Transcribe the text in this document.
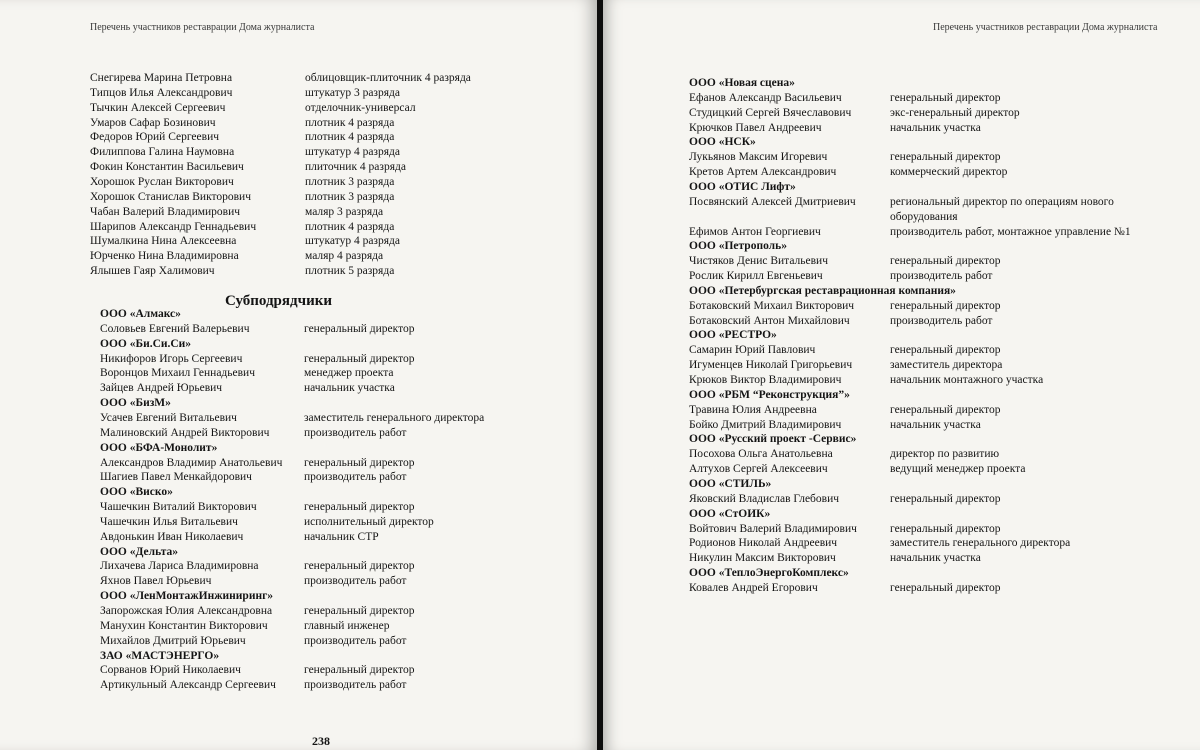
Перечень участников реставрации Дома журналиста
Снегирева Марина Петровна	облицовщик-плиточник 4 разряда
Типцов Илья Александрович	штукатур 3 разряда
Тычкин Алексей Сергеевич	отделочник-универсал
Умаров Сафар Бозинович	плотник 4 разряда
Федоров Юрий Сергеевич	плотник 4 разряда
Филиппова Галина Наумовна	штукатур 4 разряда
Фокин Константин Васильевич	плиточник 4 разряда
Хорошок Руслан Викторович	плотник 3 разряда
Хорошок Станислав Викторович	плотник 3 разряда
Чабан Валерий Владимирович	маляр 3 разряда
Шарипов Александр Геннадьевич	плотник 4 разряда
Шумалкина Нина Алексеевна	штукатур 4 разряда
Юрченко Нина Владимировна	маляр 4 разряда
Ялышев Гаяр Халимович	плотник 5 разряда
Субподрядчики
ООО «Алмакс»
Соловьев Евгений Валерьевич	генеральный директор
ООО «Би.Си.Си»
Никифоров Игорь Сергеевич	генеральный директор
Воронцов Михаил Геннадьевич	менеджер проекта
Зайцев Андрей Юрьевич	начальник участка
ООО «БизМ»
Усачев Евгений Витальевич	заместитель генерального директора
Малиновский Андрей Викторович	производитель работ
ООО «БФА-Монолит»
Александров Владимир Анатольевич генеральный директор
Шагиев Павел Менкайдорович	производитель работ
ООО «Виско»
Чашечкин Виталий Викторович	генеральный директор
Чашечкин Илья Витальевич	исполнительный директор
Авдонькин Иван Николаевич	начальник СТР
ООО «Дельта»
Лихачева Лариса Владимировна	генеральный директор
Яхнов Павел Юрьевич	производитель работ
ООО «ЛенМонтажИнжиниринг»
Запорожская Юлия Александровна	генеральный директор
Манухин Константин Викторович	главный инженер
Михайлов Дмитрий Юрьевич	производитель работ
ЗАО «МАСТЭНЕРГО»
Сорванов Юрий Николаевич	генеральный директор
Артикульный Александр Сергеевич производитель работ
238
Перечень участников реставрации Дома журналиста
ООО «Новая сцена»
Ефанов Александр Васильевич	генеральный директор
Студицкий Сергей Вячеславович	экс-генеральный директор
Крючков Павел Андреевич	начальник участка
ООО «НСК»
Лукьянов Максим Игоревич	генеральный директор
Кретов Артем Александрович	коммерческий директор
ООО «ОТИС Лифт»
Посвянский Алексей Дмитриевич	региональный директор по операциям нового
оборудования
Ефимов Антон Георгиевич	производитель работ, монтажное управление №1
ООО «Петрополь»
Чистяков Денис Витальевич	генеральный директор
Рослик Кирилл Евгеньевич	производитель работ
ООО «Петербургская реставрационная компания»
Ботаковский Михаил Викторович	генеральный директор
Ботаковский Антон Михайлович	производитель работ
ООО «РЕСТРО»
Самарин Юрий Павлович	генеральный директор
Игуменцев Николай Григорьевич	заместитель директора
Крюков Виктор Владимирович	начальник монтажного участка
ООО «РБМ “Реконструкция”»
Травина Юлия Андреевна	генеральный директор
Бойко Дмитрий Владимирович	начальник участка
ООО «Русский проект -Сервис»
Посохова Ольга Анатольевна	директор по развитию
Алтухов Сергей Алексеевич	ведущий менеджер проекта
ООО «СТИЛЬ»
Яковский Владислав Глебович	генеральный директор
ООО «СтОИК»
Войтович Валерий Владимирович	генеральный директор
Родионов Николай Андреевич	заместитель генерального директора
Никулин Максим Викторович	начальник участка
ООО «ТеплоЭнергоКомплекс»
Ковалев Андрей Егорович	генеральный директор
